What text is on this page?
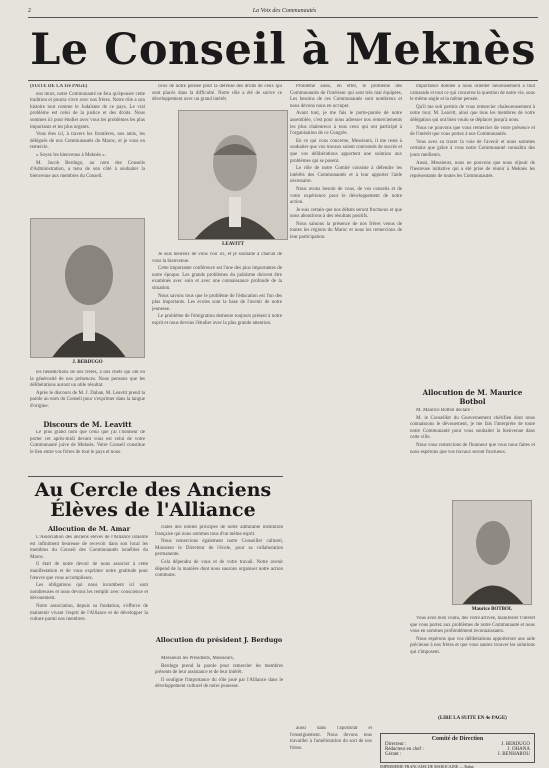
2	La Voix des Communautés
Le Conseil à Meknès

(SUITE DE LA 1re PAGE)

nos murs, notre Communauté ne fera qu'épouser cette tradition et pourra vivre avec nos frères. Notre rôle a son histoire tout comme le Judaïsme de ce pays. Le vrai problème est celui de la justice et des droits. Nous sommes ici pour étudier avec vous les problèmes les plus importants et les plus urgents.

Vous êtes ici, à travers les frontières, nos amis, les délégués de nos Communautés du Maroc, et je vous en remercie.

« Soyez les bienvenus à Meknès ».

M. Jacob Berdugo, au nom des Conseils d'Administration, a tenu de son côté à souhaiter la bienvenue aux membres du Conseil.

J. BERDUGO

les bénédictions de nos frères, à nos chefs qui ont eu la générosité de nos présences. Nous pensons que les délibérations auront un utile résultat.

Après le discours de M. J. Dahan, M. Leavitt prend la parole au nom du Conseil pour s'exprimer dans la langue d'origine.

Discours de M. Leavitt

Le plus grand nom que celui que j'ai l'honneur de porter cet après-midi devant vous est celui de votre Communauté juive de Meknès. Votre Conseil constitue le lien entre vos frères de tout le pays et nous.

ceux de notre pensée pour la défense des droits de ceux qui sont placés dans la difficulté. Notre rôle a été de suivre ce développement avec un grand intérêt.

LEAVITT

Je suis heureux de vous voir ici, et je souhaite à chacun de vous la bienvenue.

Cette importante conférence est l'une des plus importantes de notre époque. Les grands problèmes du judaïsme doivent être examinés avec soin et avec une connaissance profonde de la situation.

Nous savons tous que le problème de l'éducation est l'un des plus importants. Les écoles sont la base de l'avenir de notre jeunesse.

Le problème de l'émigration demeure toujours présent à notre esprit et nous devons l'étudier avec la plus grande attention.

Problème aussi, en effet, le problème des Communautés de l'intérieur qui sont très mal équipées. Les besoins de ces Communautés sont nombreux et nous devons nous en occuper.

Avant tout, je me fais le porte-parole de notre assemblée, c'est pour nous adresser nos remerciements les plus chaleureux à tous ceux qui ont participé à l'organisation de ce Congrès.

En ce qui vous concerne, Messieurs, il me reste à souhaiter que vos travaux soient couronnés de succès et que vos délibérations apportent une solution aux problèmes qui se posent.

Le rôle de notre Comité consiste à défendre les intérêts des Communautés et à leur apporter l'aide nécessaire.

Nous avons besoin de vous, de vos conseils et de votre expérience pour le développement de notre action.

Je suis certain que nos débats seront fructueux et que nous aboutirons à des résultats positifs.

Nous saluons la présence de nos frères venus de toutes les régions du Maroc et nous les remercions de leur participation.

importance donnée à nous orienter heureusement à tout camarade et tout ce qui concerne la question de notre vie, sous le même angle et la même pensée.

Qu'il me soit permis de vous remercier chaleureusement à notre tour, M. Leavitt, ainsi que tous les membres de votre délégation qui ont bien voulu se déplacer jusqu'à nous.

Nous ne pouvons que vous remercier de votre présence et de l'intérêt que vous portez à nos Communautés.

Vous avez su tracer la voie de l'avenir et nous sommes certains que grâce à vous notre Communauté connaîtra des jours meilleurs.

Aussi, Messieurs, nous ne pouvons que nous réjouir de l'heureuse initiative qui a été prise de réunir à Meknès les représentants de toutes les Communautés.

Allocution de M. Maurice Botbol

M. Maurice Botbol déclare :

M. le Conseiller du Gouvernement chérifien dont nous connaissons le dévouement, je me fais l'interprète de toute notre Communauté pour vous souhaiter la bienvenue dans cette ville.

Nous vous remercions de l'honneur que vous nous faites et nous espérons que vos travaux seront fructueux.

Maurice BOTBOL

Vous avez bien voulu, dès votre arrivée, manifester l'intérêt que vous portez aux problèmes de notre Communauté et nous vous en sommes profondément reconnaissants.

Nous espérons que vos délibérations apporteront une aide précieuse à nos frères et que vous saurez trouver les solutions qui s'imposent.

(LIRE LA SUITE EN 4e PAGE)
Au Cercle des Anciens Élèves de l'Alliance
Allocution de M. Amar

L'Association des anciens élèves de l'Alliance israélite est infiniment heureuse de recevoir dans son local les membres du Conseil des Communautés israélites du Maroc.

Il était de notre devoir de nous associer à cette manifestation et de vous exprimer notre gratitude pour l'œuvre que vous accomplissez.

Les obligations qui nous incombent ici sont nombreuses et nous devons les remplir avec conscience et dévouement.

Notre association, depuis sa fondation, s'efforce de maintenir vivant l'esprit de l'Alliance et de développer la culture parmi nos membres.

ciales des nobles principes de notre admirable institution française qui nous sommes tous d'un même esprit.

Nous remercions également notre Conseiller culturel, Monsieur le Directeur de l'école, pour sa collaboration permanente.

Cela dépendra de vous et de votre travail. Notre avenir dépend de la manière dont nous saurons organiser notre action commune.

Allocution du président J. Berdugo

Messieurs les Présidents, Messieurs,

Berdugo prend la parole pour remercier les membres présents de leur assistance et de leur intérêt.

Il souligne l'importance du rôle joué par l'Alliance dans le développement culturel de notre jeunesse.

aussi dans l'apostolat et l'enseignement. Nous devons tous travailler à l'amélioration du sort de nos frères.

Comité de Direction
Directeur :	J. BERDUGO
Rédacteur en chef :	J. OHANA
Gérant :	I. BENHAROU
IMPRIMERIE FRANÇAISE DE MAROCAINE — Rabat
